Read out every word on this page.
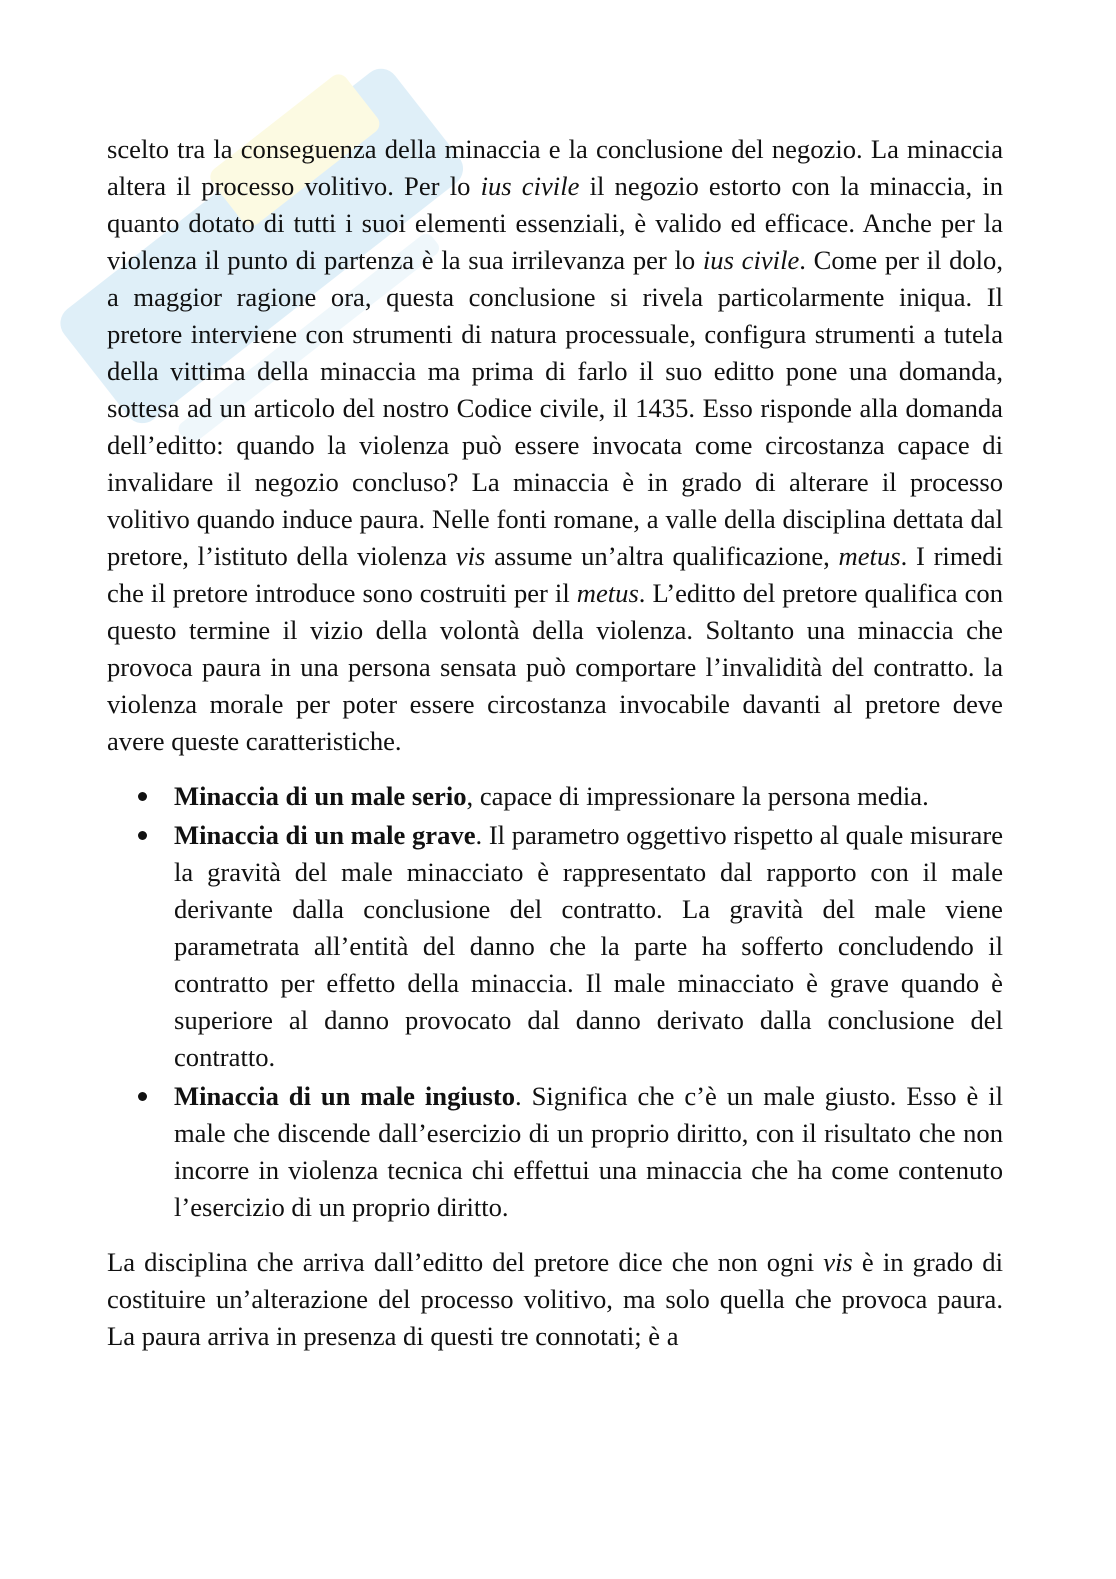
scelto tra la conseguenza della minaccia e la conclusione del negozio. La minaccia altera il processo volitivo. Per lo ius civile il negozio estorto con la minaccia, in quanto dotato di tutti i suoi elementi essenziali, è valido ed efficace. Anche per la violenza il punto di partenza è la sua irrilevanza per lo ius civile. Come per il dolo, a maggior ragione ora, questa conclusione si rivela particolarmente iniqua. Il pretore interviene con strumenti di natura processuale, configura strumenti a tutela della vittima della minaccia ma prima di farlo il suo editto pone una domanda, sottesa ad un articolo del nostro Codice civile, il 1435. Esso risponde alla domanda dell’editto: quando la violenza può essere invocata come circostanza capace di invalidare il negozio concluso? La minaccia è in grado di alterare il processo volitivo quando induce paura. Nelle fonti romane, a valle della disciplina dettata dal pretore, l’istituto della violenza vis assume un’altra qualificazione, metus. I rimedi che il pretore introduce sono costruiti per il metus. L’editto del pretore qualifica con questo termine il vizio della volontà della violenza. Soltanto una minaccia che provoca paura in una persona sensata può comportare l’invalidità del contratto. la violenza morale per poter essere circostanza invocabile davanti al pretore deve avere queste caratteristiche.

Minaccia di un male serio, capace di impressionare la persona media.
Minaccia di un male grave. Il parametro oggettivo rispetto al quale misurare la gravità del male minacciato è rappresentato dal rapporto con il male derivante dalla conclusione del contratto. La gravità del male viene parametrata all’entità del danno che la parte ha sofferto concludendo il contratto per effetto della minaccia. Il male minacciato è grave quando è superiore al danno provocato dal danno derivato dalla conclusione del contratto.
Minaccia di un male ingiusto. Significa che c’è un male giusto. Esso è il male che discende dall’esercizio di un proprio diritto, con il risultato che non incorre in violenza tecnica chi effettui una minaccia che ha come contenuto l’esercizio di un proprio diritto.

La disciplina che arriva dall’editto del pretore dice che non ogni vis è in grado di costituire un’alterazione del processo volitivo, ma solo quella che provoca paura. La paura arriva in presenza di questi tre connotati; è a
